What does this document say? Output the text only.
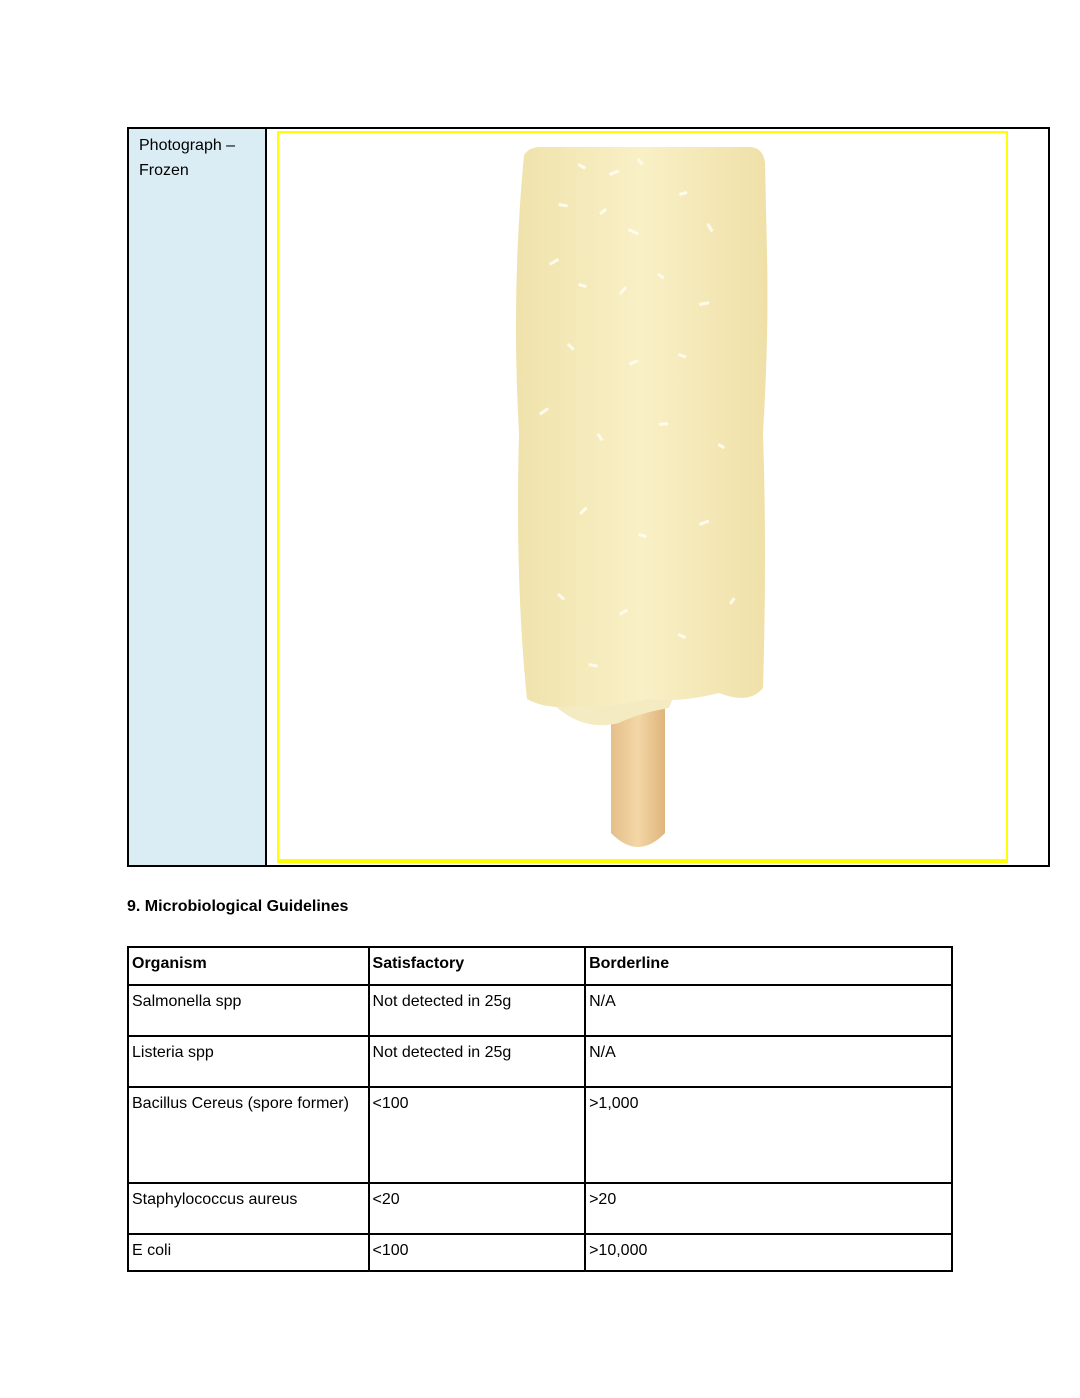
Photograph –
Frozen
9. Microbiological Guidelines
Organism	Satisfactory	Borderline
Salmonella spp	Not detected in 25g	N/A
Listeria spp	Not detected in 25g	N/A
Bacillus Cereus (spore former)	<100	>1,000
Staphylococcus aureus	<20	>20
E coli	<100	>10,000
